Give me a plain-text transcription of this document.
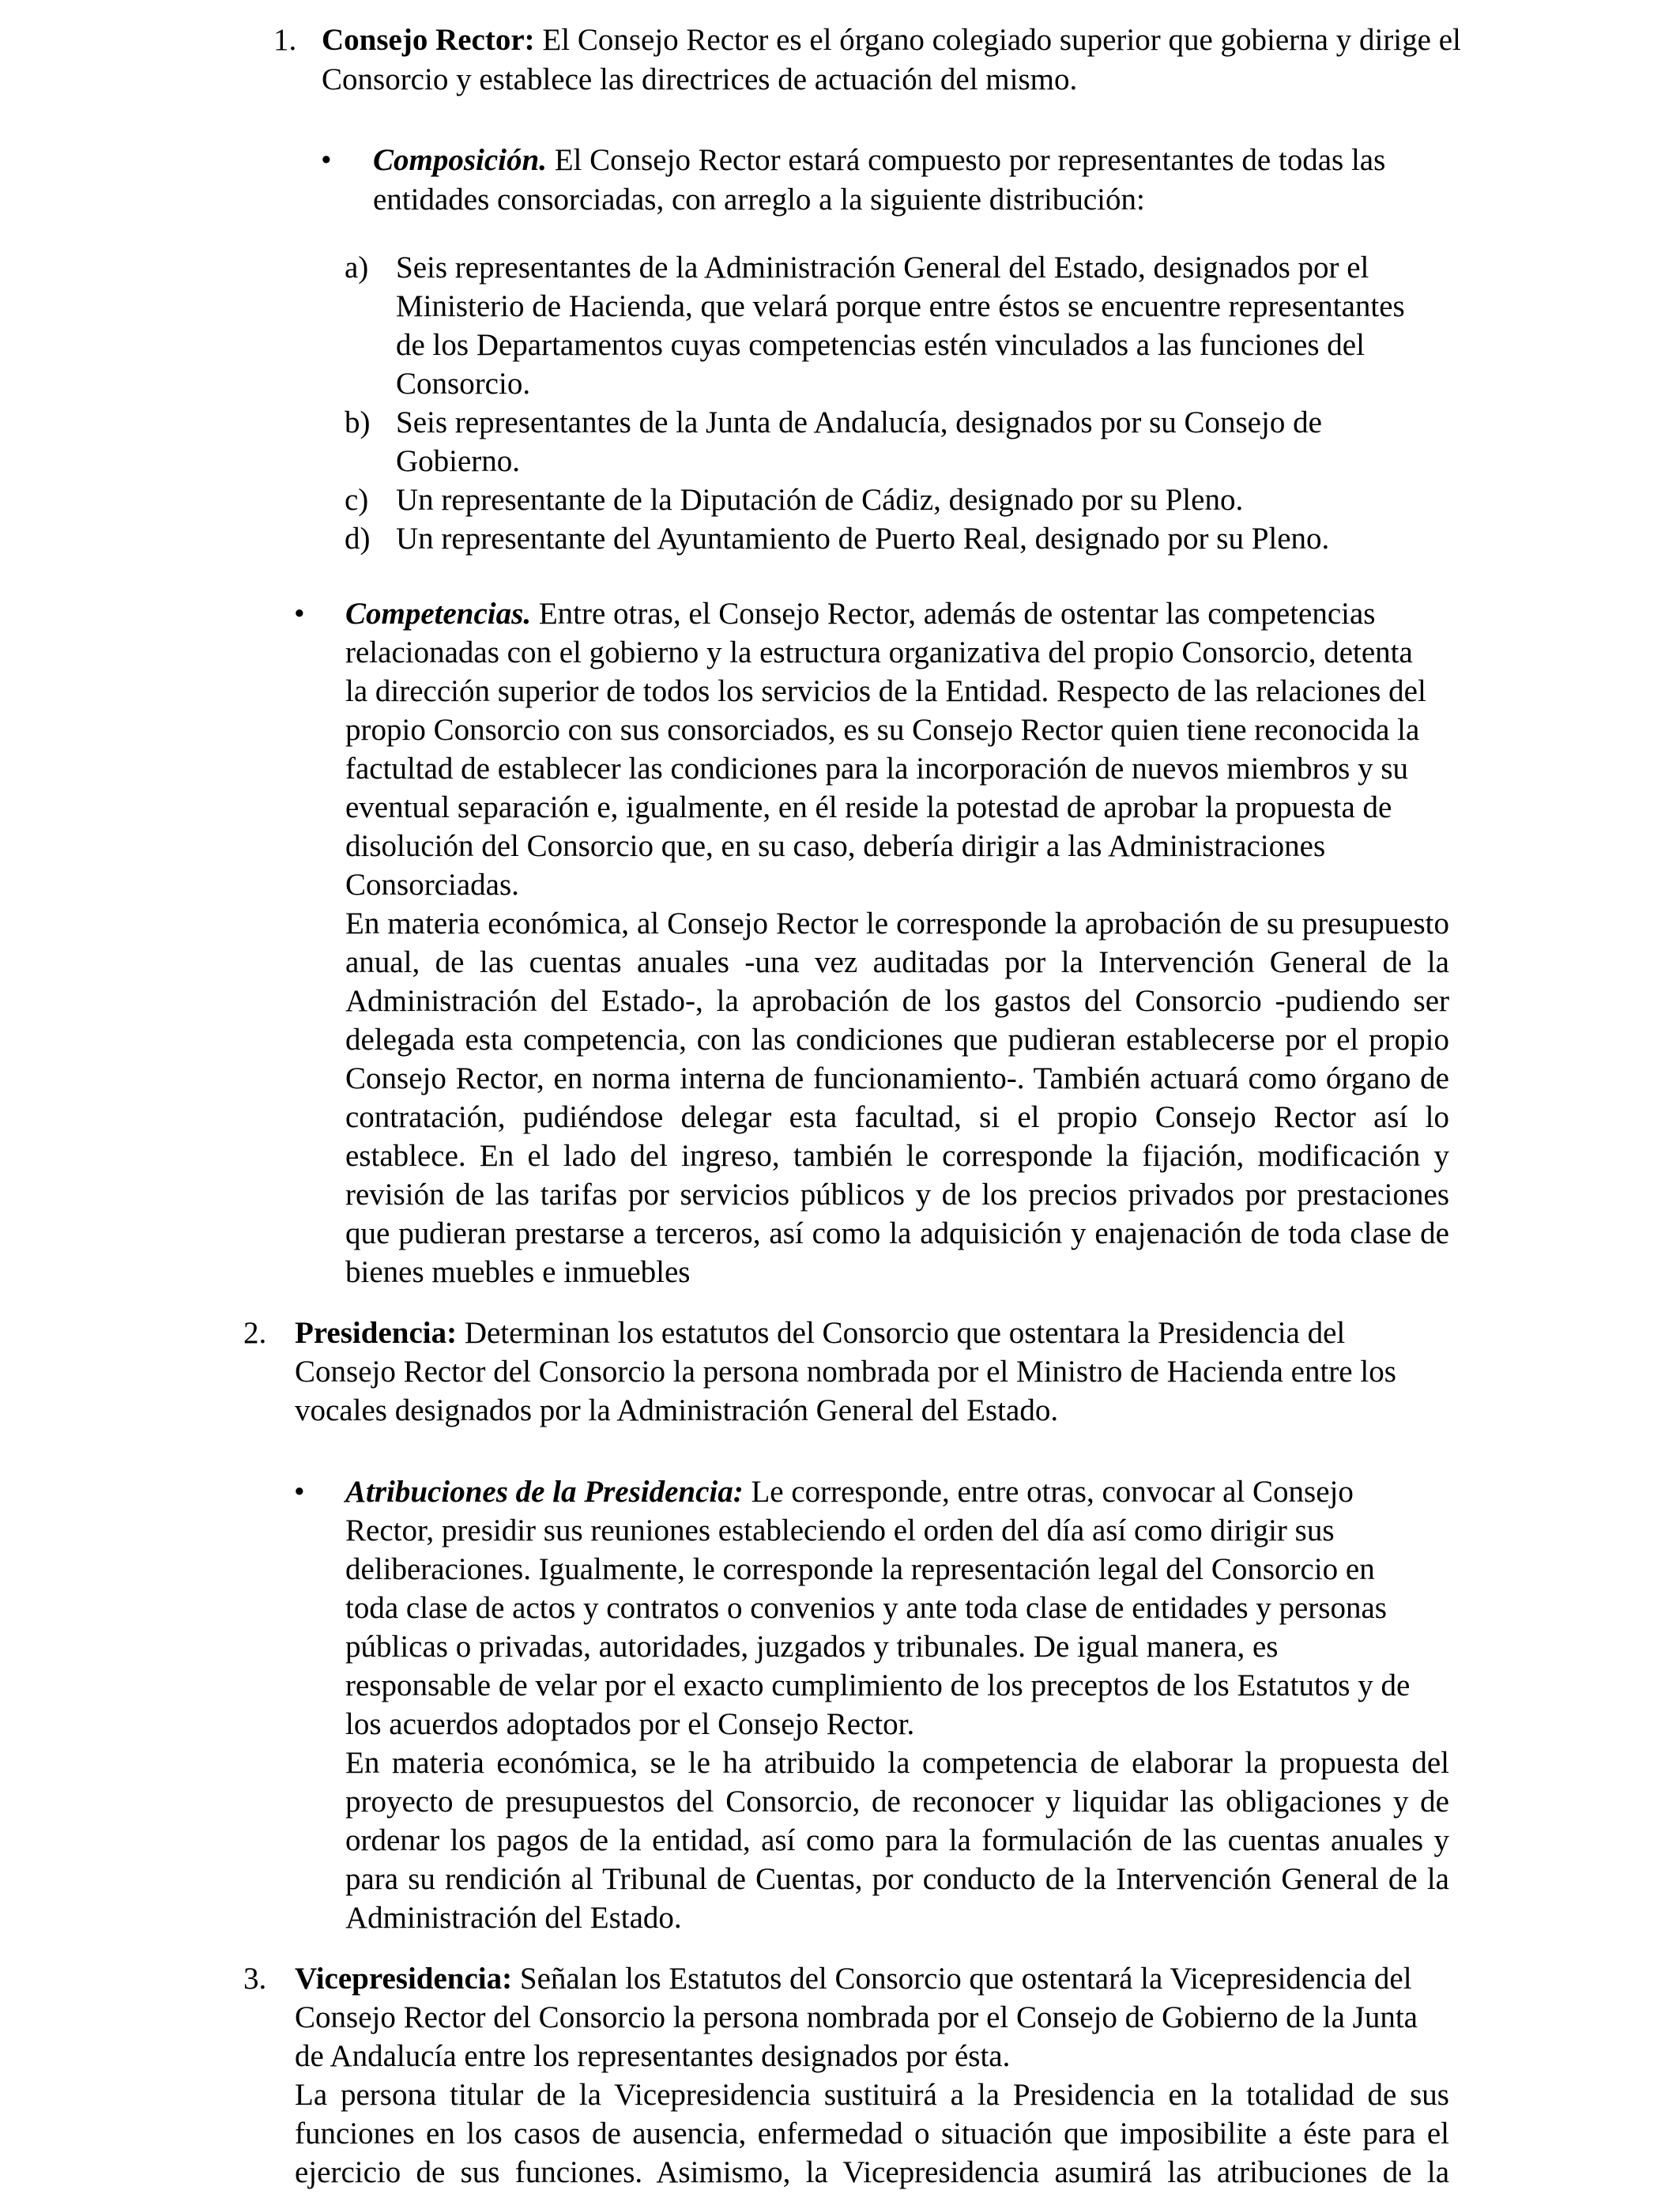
1. Consejo Rector: El Consejo Rector es el órgano colegiado superior que gobierna y dirige el
Consorcio y establece las directrices de actuación del mismo.
• Composición. El Consejo Rector estará compuesto por representantes de todas las
entidades consorciadas, con arreglo a la siguiente distribución:
a) Seis representantes de la Administración General del Estado, designados por el
Ministerio de Hacienda, que velará porque entre éstos se encuentre representantes
de los Departamentos cuyas competencias estén vinculados a las funciones del
Consorcio.
b) Seis representantes de la Junta de Andalucía, designados por su Consejo de
Gobierno.
c) Un representante de la Diputación de Cádiz, designado por su Pleno.
d) Un representante del Ayuntamiento de Puerto Real, designado por su Pleno.
• Competencias. Entre otras, el Consejo Rector, además de ostentar las competencias
relacionadas con el gobierno y la estructura organizativa del propio Consorcio, detenta
la dirección superior de todos los servicios de la Entidad. Respecto de las relaciones del
propio Consorcio con sus consorciados, es su Consejo Rector quien tiene reconocida la
factultad de establecer las condiciones para la incorporación de nuevos miembros y su
eventual separación e, igualmente, en él reside la potestad de aprobar la propuesta de
disolución del Consorcio que, en su caso, debería dirigir a las Administraciones
Consorciadas.
En materia económica, al Consejo Rector le corresponde la aprobación de su presupuesto
anual, de las cuentas anuales -una vez auditadas por la Intervención General de la
Administración del Estado-, la aprobación de los gastos del Consorcio -pudiendo ser
delegada esta competencia, con las condiciones que pudieran establecerse por el propio
Consejo Rector, en norma interna de funcionamiento-. También actuará como órgano de
contratación, pudiéndose delegar esta facultad, si el propio Consejo Rector así lo
establece. En el lado del ingreso, también le corresponde la fijación, modificación y
revisión de las tarifas por servicios públicos y de los precios privados por prestaciones
que pudieran prestarse a terceros, así como la adquisición y enajenación de toda clase de
bienes muebles e inmuebles
2. Presidencia: Determinan los estatutos del Consorcio que ostentara la Presidencia del
Consejo Rector del Consorcio la persona nombrada por el Ministro de Hacienda entre los
vocales designados por la Administración General del Estado.
• Atribuciones de la Presidencia: Le corresponde, entre otras, convocar al Consejo
Rector, presidir sus reuniones estableciendo el orden del día así como dirigir sus
deliberaciones. Igualmente, le corresponde la representación legal del Consorcio en
toda clase de actos y contratos o convenios y ante toda clase de entidades y personas
públicas o privadas, autoridades, juzgados y tribunales. De igual manera, es
responsable de velar por el exacto cumplimiento de los preceptos de los Estatutos y de
los acuerdos adoptados por el Consejo Rector.
En materia económica, se le ha atribuido la competencia de elaborar la propuesta del
proyecto de presupuestos del Consorcio, de reconocer y liquidar las obligaciones y de
ordenar los pagos de la entidad, así como para la formulación de las cuentas anuales y
para su rendición al Tribunal de Cuentas, por conducto de la Intervención General de la
Administración del Estado.
3. Vicepresidencia: Señalan los Estatutos del Consorcio que ostentará la Vicepresidencia del
Consejo Rector del Consorcio la persona nombrada por el Consejo de Gobierno de la Junta
de Andalucía entre los representantes designados por ésta.
La persona titular de la Vicepresidencia sustituirá a la Presidencia en la totalidad de sus
funciones en los casos de ausencia, enfermedad o situación que imposibilite a éste para el
ejercicio de sus funciones. Asimismo, la Vicepresidencia asumirá las atribuciones de la
